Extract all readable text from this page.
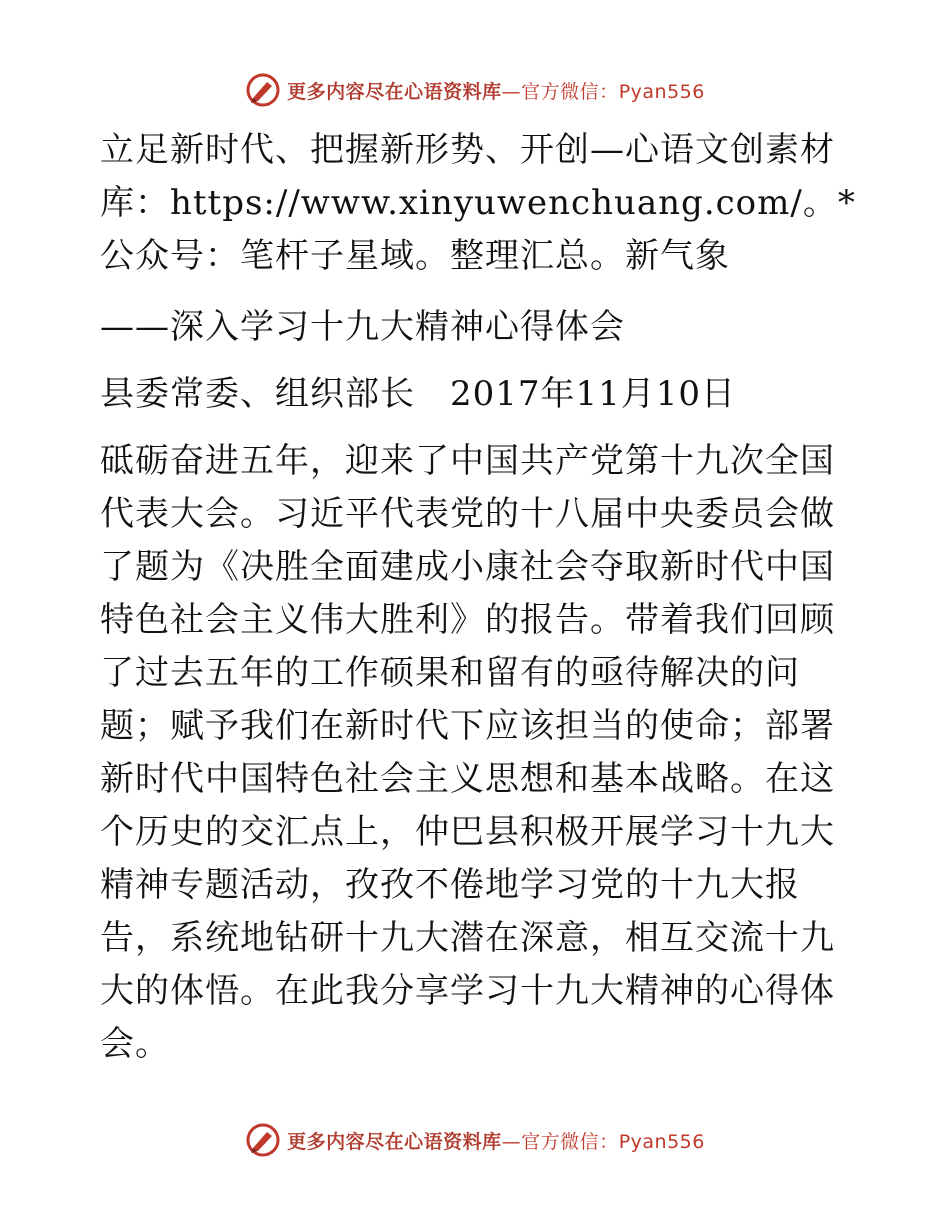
更多内容尽在心语资料库—官方微信：Pyan556

立足新时代、把握新形势、开创—心语文创素材库：https://www.xinyuwenchuang.com/。*公众号：笔杆子星域。整理汇总。新气象

——深入学习十九大精神心得体会

县委常委、组织部长　2017年11月10日

砥砺奋进五年，迎来了中国共产党第十九次全国代表大会。习近平代表党的十八届中央委员会做了题为《决胜全面建成小康社会夺取新时代中国特色社会主义伟大胜利》的报告。带着我们回顾了过去五年的工作硕果和留有的亟待解决的问题；赋予我们在新时代下应该担当的使命；部署新时代中国特色社会主义思想和基本战略。在这个历史的交汇点上，仲巴县积极开展学习十九大精神专题活动，孜孜不倦地学习党的十九大报告，系统地钻研十九大潜在深意，相互交流十九大的体悟。在此我分享学习十九大精神的心得体会。

更多内容尽在心语资料库—官方微信：Pyan556
